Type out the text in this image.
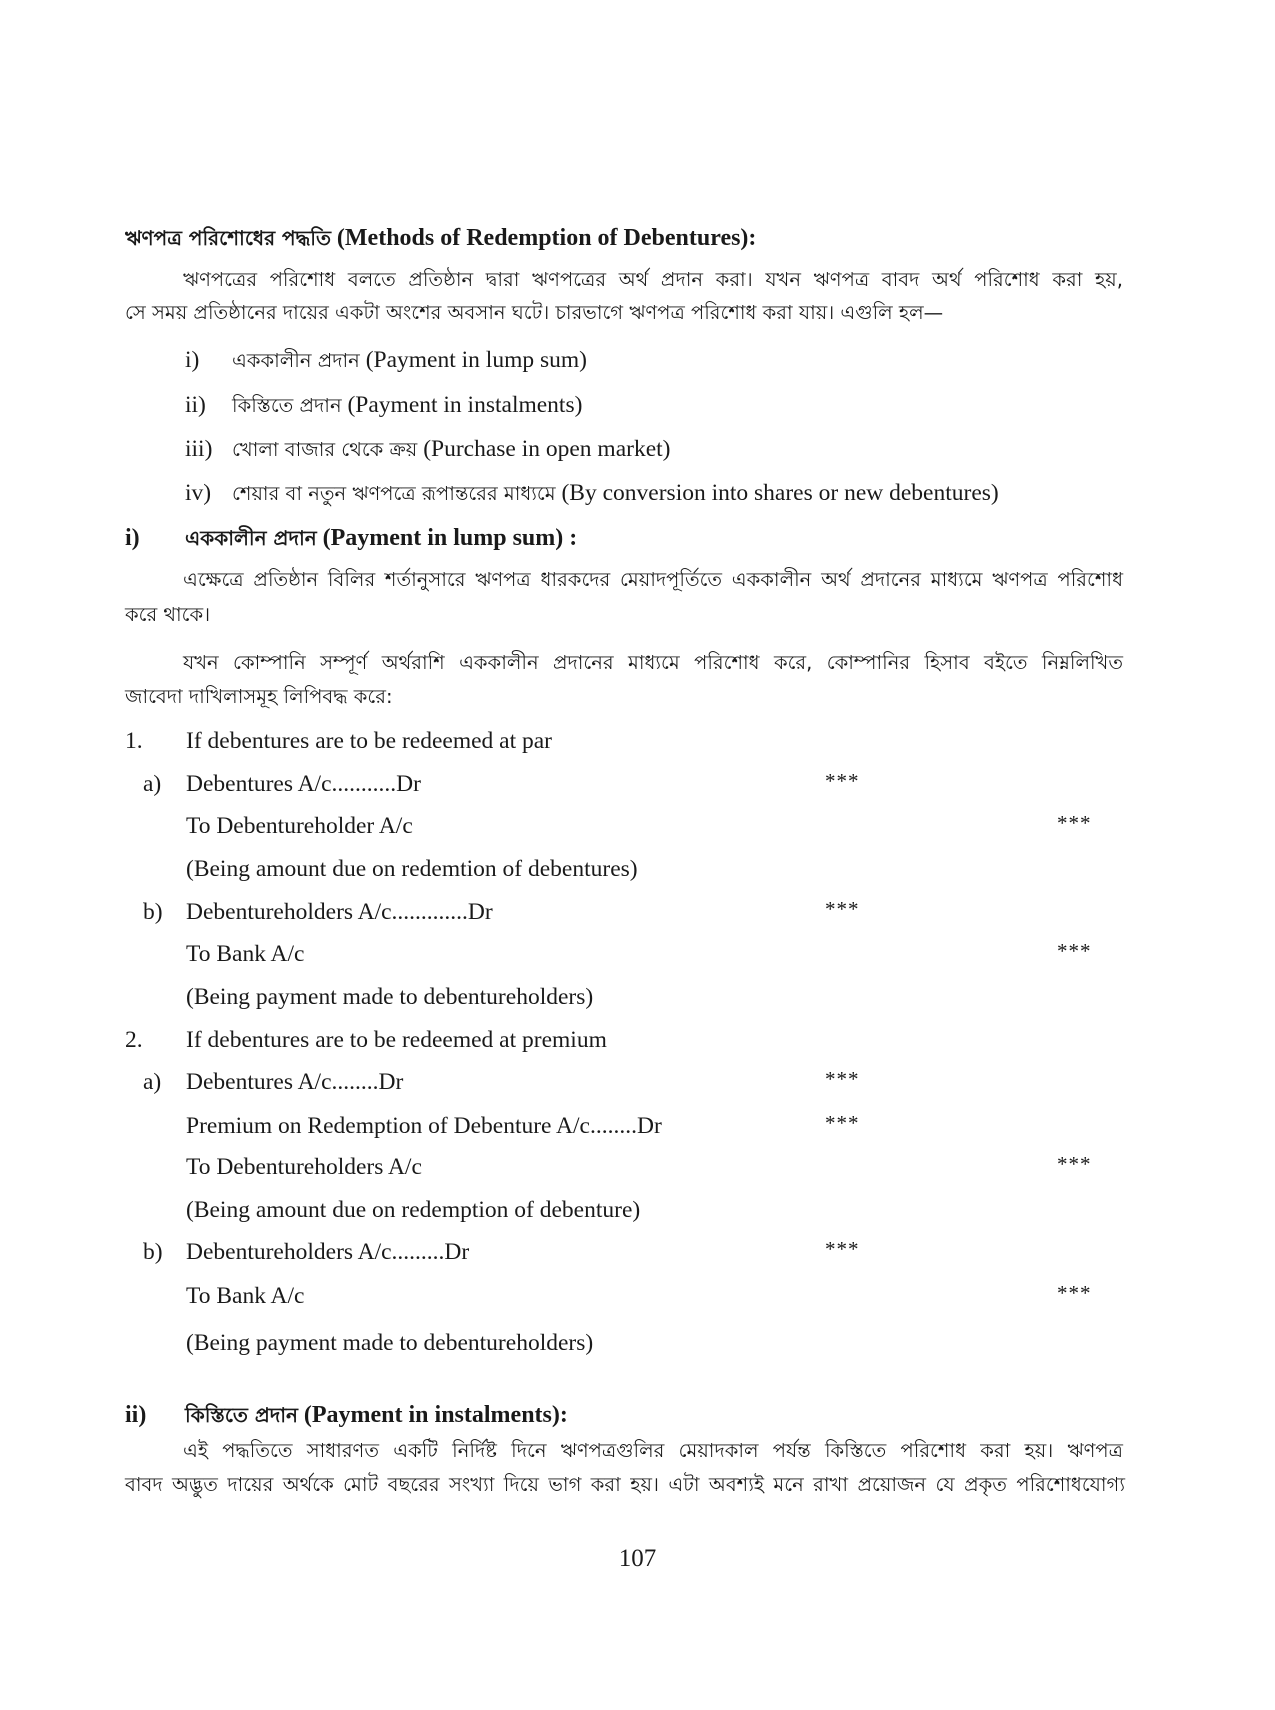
ঋণপত্র পরিশোধের পদ্ধতি (Methods of Redemption of Debentures):
ঋণপত্রের পরিশোধ বলতে প্রতিষ্ঠান দ্বারা ঋণপত্রের অর্থ প্রদান করা। যখন ঋণপত্র বাবদ অর্থ পরিশোধ করা হয়,
সে সময় প্রতিষ্ঠানের দায়ের একটা অংশের অবসান ঘটে। চারভাগে ঋণপত্র পরিশোধ করা যায়। এগুলি হল—
i) এককালীন প্রদান (Payment in lump sum)
ii) কিস্তিতে প্রদান (Payment in instalments)
iii) খোলা বাজার থেকে ক্রয় (Purchase in open market)
iv) শেয়ার বা নতুন ঋণপত্রে রূপান্তরের মাধ্যমে (By conversion into shares or new debentures)
i) এককালীন প্রদান (Payment in lump sum) :
এক্ষেত্রে প্রতিষ্ঠান বিলির শর্তানুসারে ঋণপত্র ধারকদের মেয়াদপূর্তিতে এককালীন অর্থ প্রদানের মাধ্যমে ঋণপত্র পরিশোধ
করে থাকে।
যখন কোম্পানি সম্পূর্ণ অর্থরাশি এককালীন প্রদানের মাধ্যমে পরিশোধ করে, কোম্পানির হিসাব বইতে নিম্নলিখিত
জাবেদা দাখিলাসমূহ লিপিবদ্ধ করে:
1. If debentures are to be redeemed at par
a) Debentures A/c...........Dr	***
To Debentureholder A/c	***
(Being amount due on redemtion of debentures)
b) Debentureholders A/c.............Dr	***
To Bank A/c	***
(Being payment made to debentureholders)
2. If debentures are to be redeemed at premium
a) Debentures A/c........Dr	***
Premium on Redemption of Debenture A/c........Dr	***
To Debentureholders A/c	***
(Being amount due on redemption of debenture)
b) Debentureholders A/c.........Dr	***
To Bank A/c	***
(Being payment made to debentureholders)
ii) কিস্তিতে প্রদান (Payment in instalments):
এই পদ্ধতিতে সাধারণত একটি নির্দিষ্ট দিনে ঋণপত্রগুলির মেয়াদকাল পর্যন্ত কিস্তিতে পরিশোধ করা হয়। ঋণপত্র
বাবদ অদ্ভুত দায়ের অর্থকে মোট বছরের সংখ্যা দিয়ে ভাগ করা হয়। এটা অবশ্যই মনে রাখা প্রয়োজন যে প্রকৃত পরিশোধযোগ্য
107
